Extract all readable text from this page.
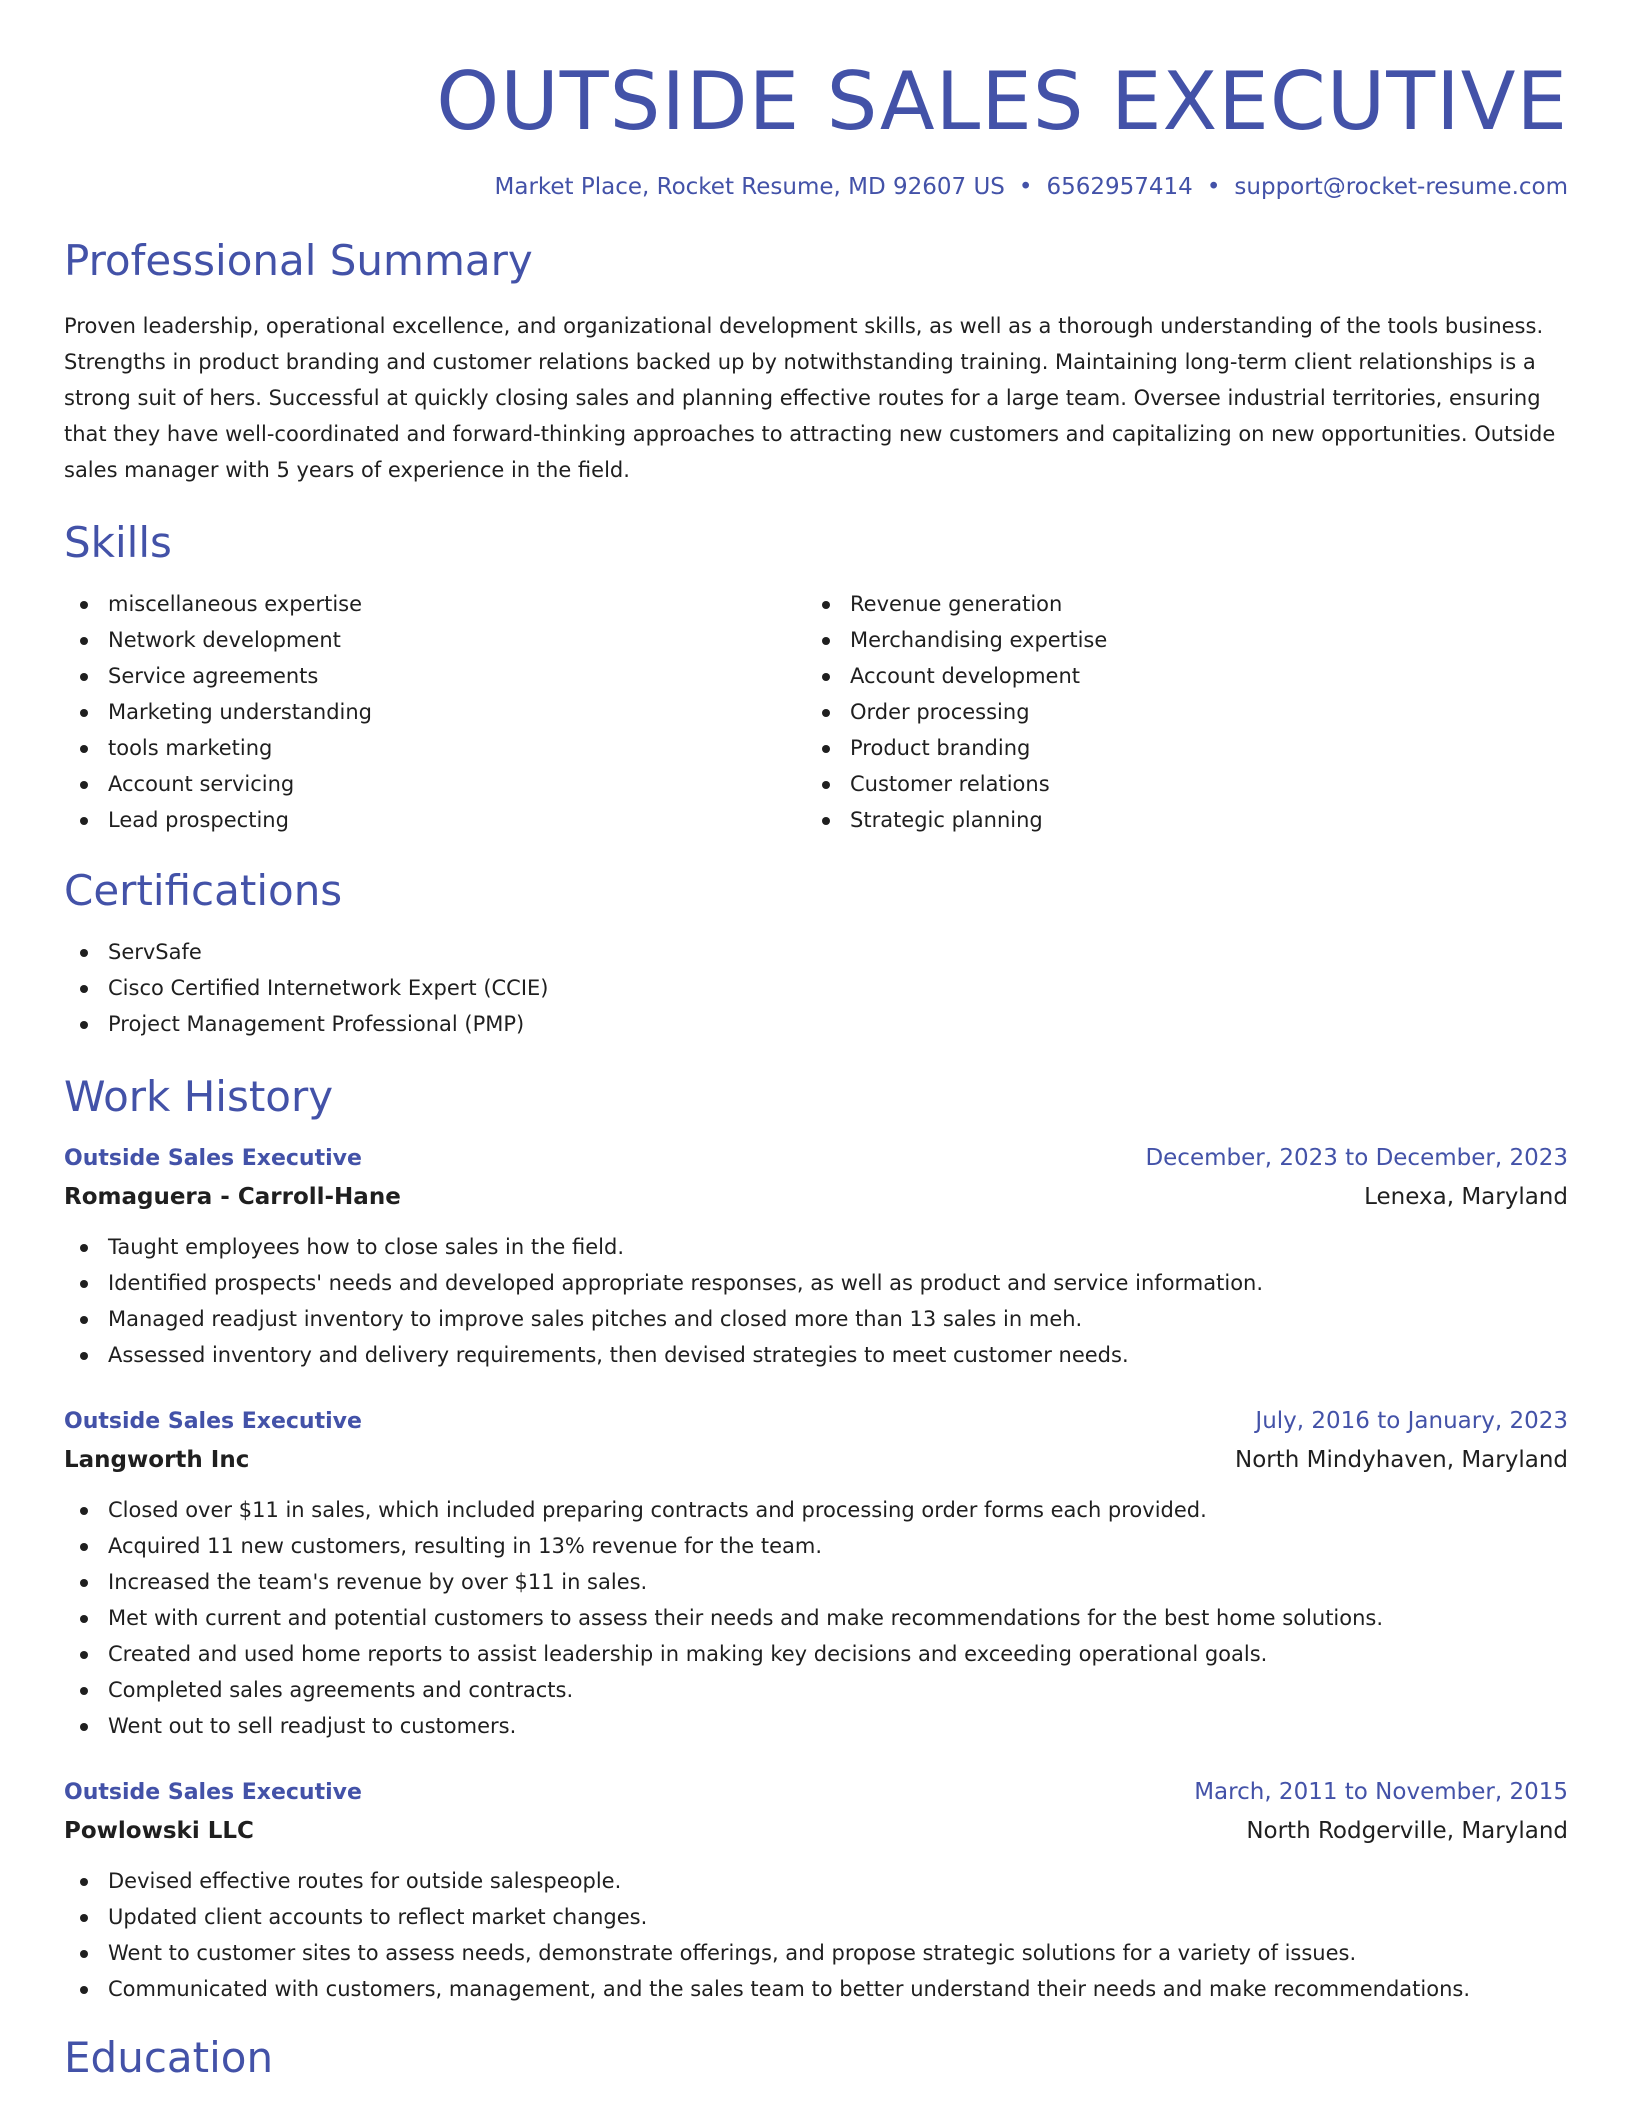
OUTSIDE SALES EXECUTIVE
Market Place, Rocket Resume, MD 92607 US • 6562957414 • support@rocket-resume.com
Professional Summary

Proven leadership, operational excellence, and organizational development skills, as well as a thorough understanding of the tools business. Strengths in product branding and customer relations backed up by notwithstanding training. Maintaining long-term client relationships is a strong suit of hers. Successful at quickly closing sales and planning effective routes for a large team. Oversee industrial territories, ensuring that they have well-coordinated and forward-thinking approaches to attracting new customers and capitalizing on new opportunities. Outside sales manager with 5 years of experience in the field.

Skills
miscellaneous expertise
Network development
Service agreements
Marketing understanding
tools marketing
Account servicing
Lead prospecting
Revenue generation
Merchandising expertise
Account development
Order processing
Product branding
Customer relations
Strategic planning
Certifications
ServSafe
Cisco Certified Internetwork Expert (CCIE)
Project Management Professional (PMP)
Work History
Outside Sales Executive	December, 2023 to December, 2023
Romaguera - Carroll-Hane	Lenexa, Maryland
Taught employees how to close sales in the field.
Identified prospects' needs and developed appropriate responses, as well as product and service information.
Managed readjust inventory to improve sales pitches and closed more than 13 sales in meh.
Assessed inventory and delivery requirements, then devised strategies to meet customer needs.
Outside Sales Executive	July, 2016 to January, 2023
Langworth Inc	North Mindyhaven, Maryland
Closed over $11 in sales, which included preparing contracts and processing order forms each provided.
Acquired 11 new customers, resulting in 13% revenue for the team.
Increased the team's revenue by over $11 in sales.
Met with current and potential customers to assess their needs and make recommendations for the best home solutions.
Created and used home reports to assist leadership in making key decisions and exceeding operational goals.
Completed sales agreements and contracts.
Went out to sell readjust to customers.
Outside Sales Executive	March, 2011 to November, 2015
Powlowski LLC	North Rodgerville, Maryland
Devised effective routes for outside salespeople.
Updated client accounts to reflect market changes.
Went to customer sites to assess needs, demonstrate offerings, and propose strategic solutions for a variety of issues.
Communicated with customers, management, and the sales team to better understand their needs and make recommendations.
Education
